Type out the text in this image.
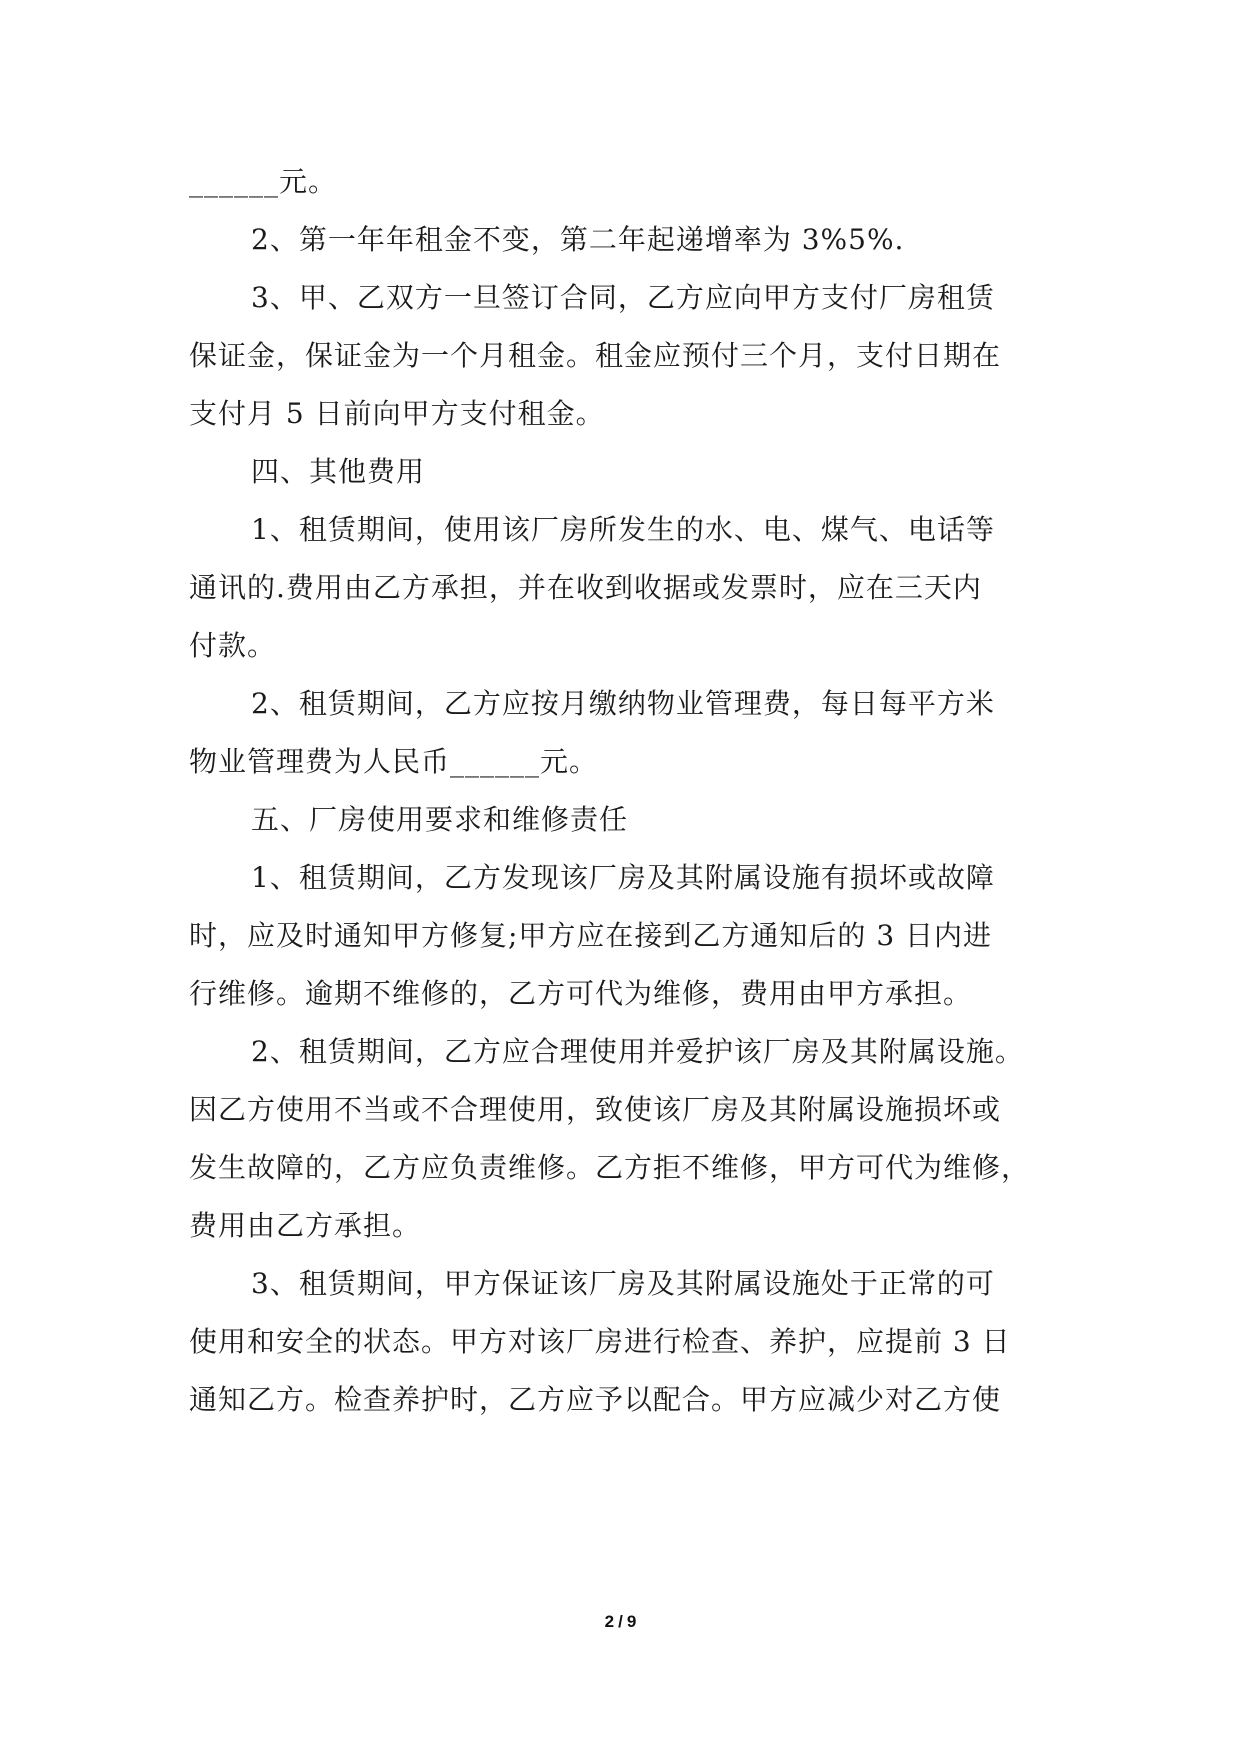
______元。
2、第一年年租金不变，第二年起递增率为 3%5%.
3、甲、乙双方一旦签订合同，乙方应向甲方支付厂房租赁
保证金，保证金为一个月租金。租金应预付三个月，支付日期在
支付月 5 日前向甲方支付租金。
四、其他费用
1、租赁期间，使用该厂房所发生的水、电、煤气、电话等
通讯的.费用由乙方承担，并在收到收据或发票时，应在三天内
付款。
2、租赁期间，乙方应按月缴纳物业管理费，每日每平方米
物业管理费为人民币______元。
五、厂房使用要求和维修责任
1、租赁期间，乙方发现该厂房及其附属设施有损坏或故障
时，应及时通知甲方修复;甲方应在接到乙方通知后的 3 日内进
行维修。逾期不维修的，乙方可代为维修，费用由甲方承担。
2、租赁期间，乙方应合理使用并爱护该厂房及其附属设施。
因乙方使用不当或不合理使用，致使该厂房及其附属设施损坏或
发生故障的，乙方应负责维修。乙方拒不维修，甲方可代为维修，
费用由乙方承担。
3、租赁期间，甲方保证该厂房及其附属设施处于正常的可
使用和安全的状态。甲方对该厂房进行检查、养护，应提前 3 日
通知乙方。检查养护时，乙方应予以配合。甲方应减少对乙方使
2 / 9
